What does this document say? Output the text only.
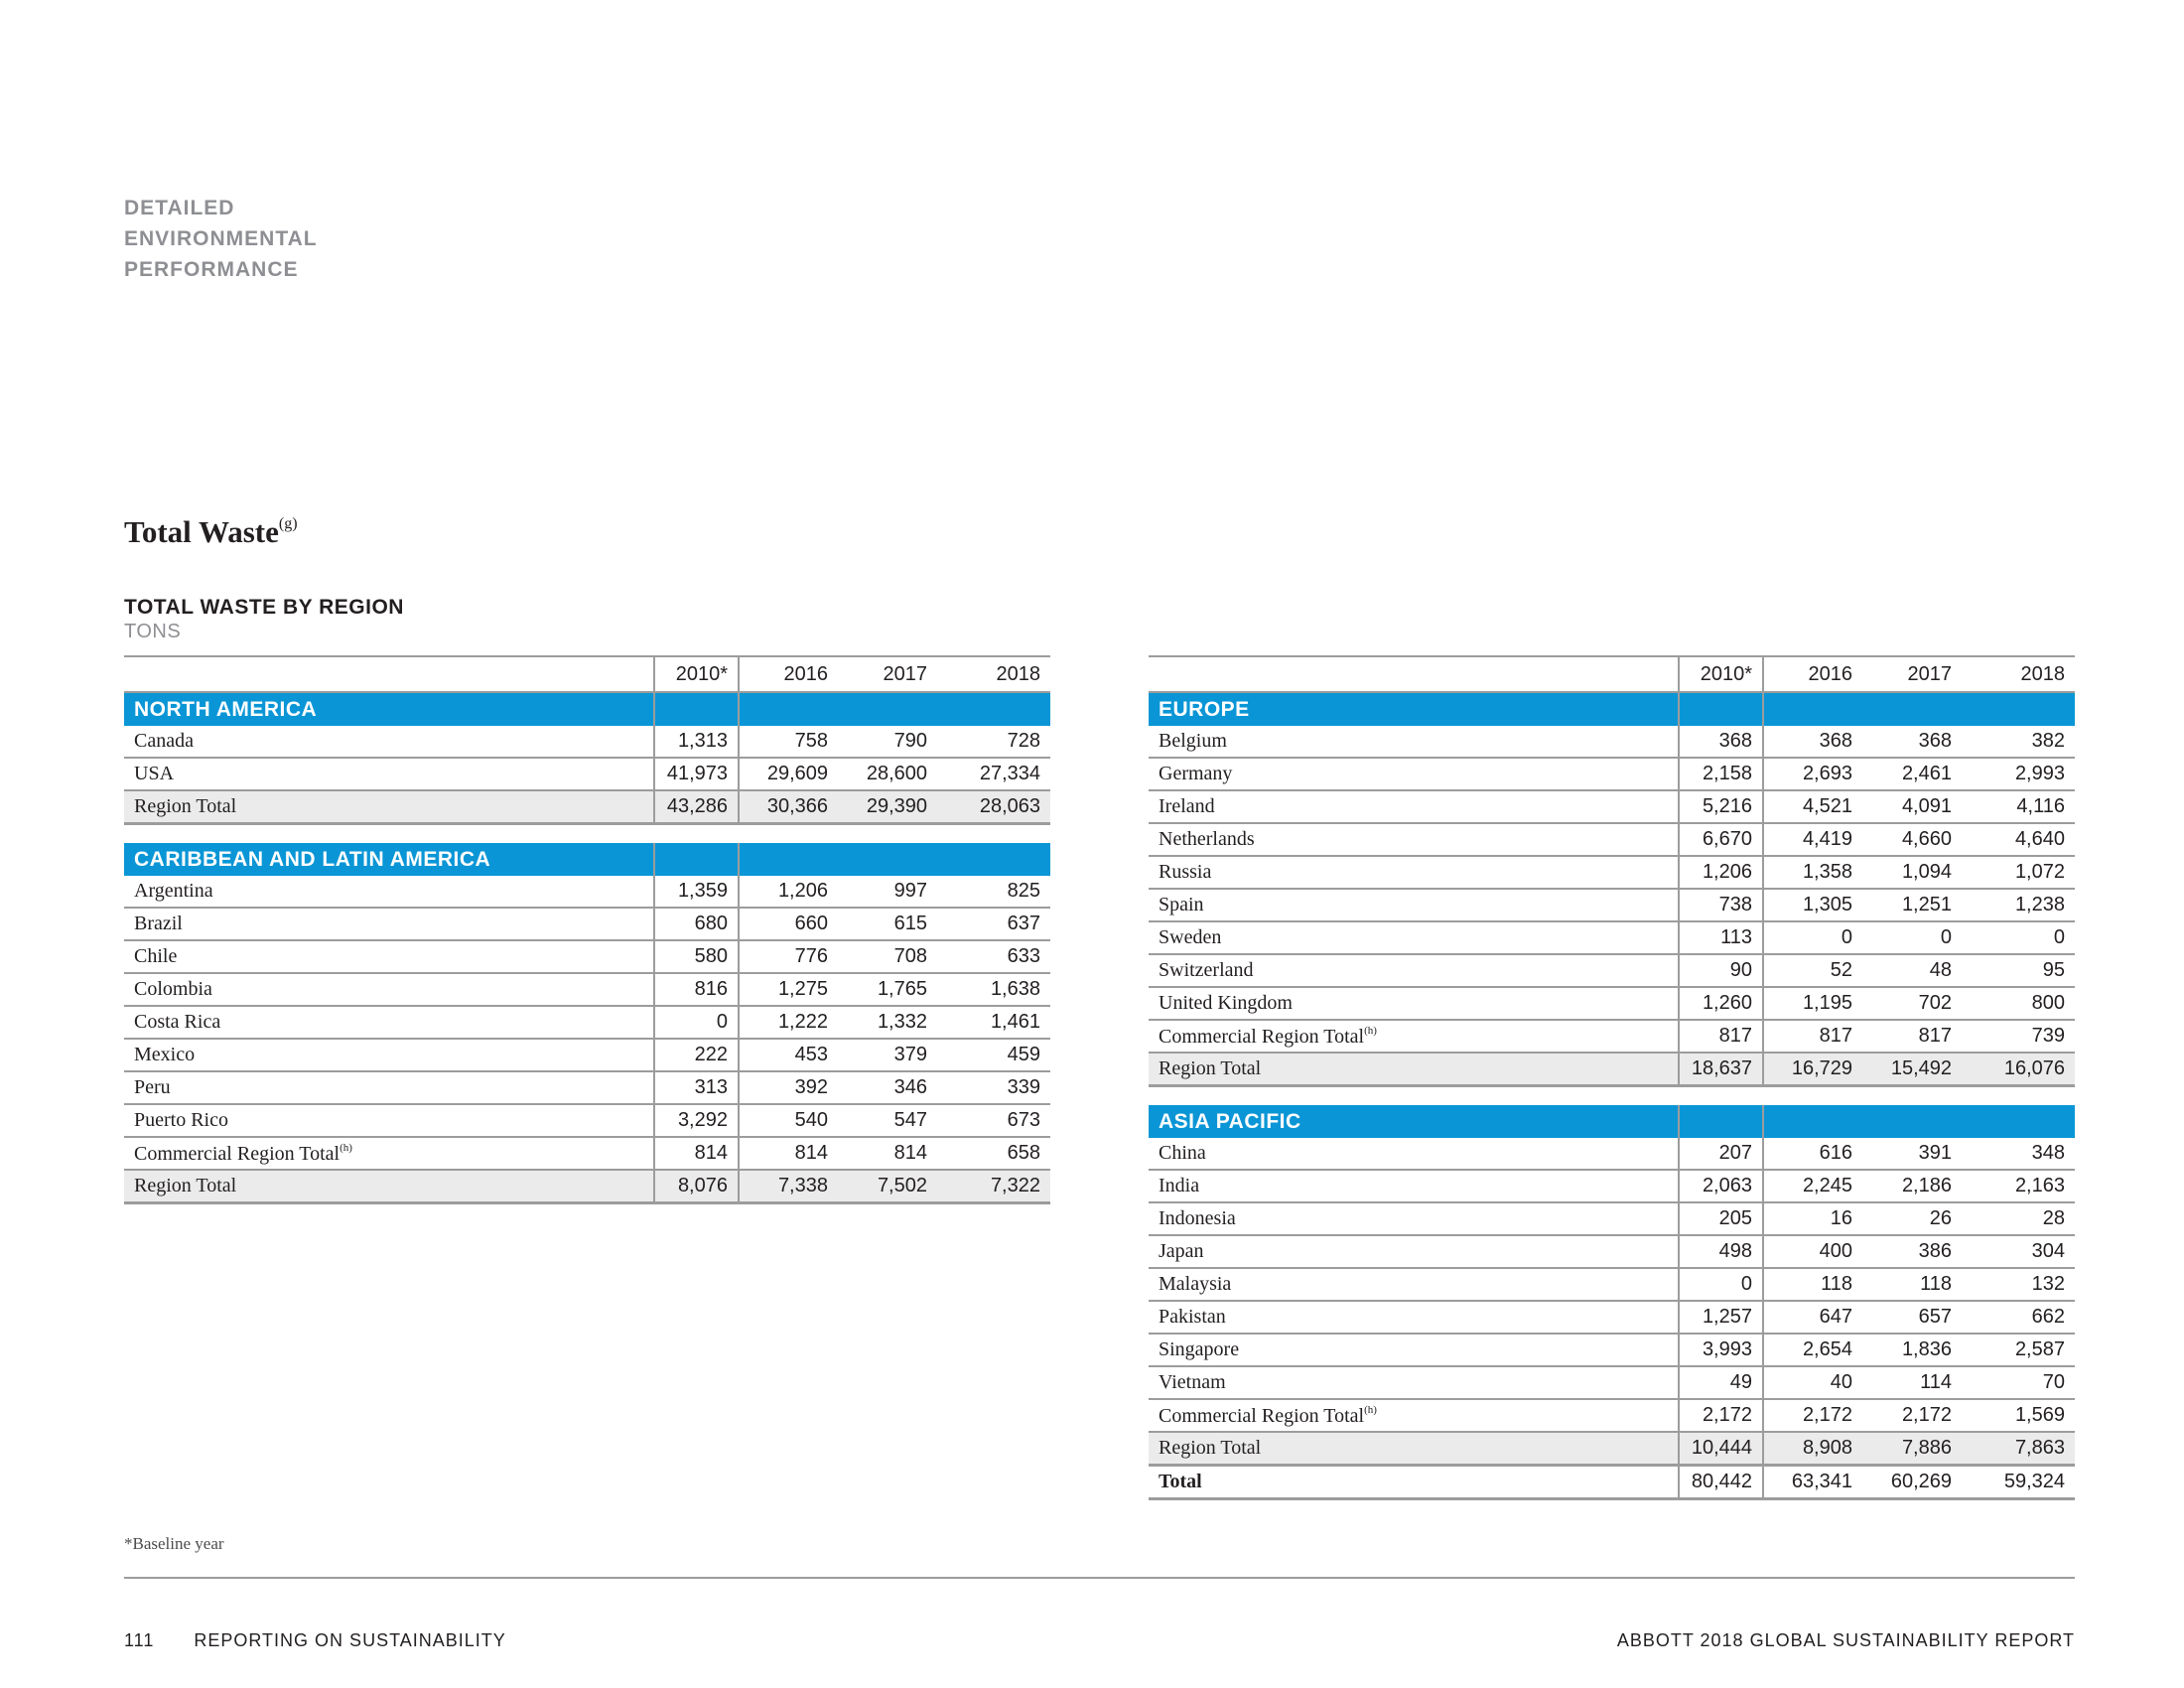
DETAILED
ENVIRONMENTAL
PERFORMANCE
Total Waste$^{(g)}$
TOTAL WASTE BY REGION
TONS
	2010*	2016	2017	2018
NORTH AMERICA				
Canada	1,313	758	790	728
USA	41,973	29,609	28,600	27,334
Region Total	43,286	30,366	29,390	28,063

CARIBBEAN AND LATIN AMERICA				
Argentina	1,359	1,206	997	825
Brazil	680	660	615	637
Chile	580	776	708	633
Colombia	816	1,275	1,765	1,638
Costa Rica	0	1,222	1,332	1,461
Mexico	222	453	379	459
Peru	313	392	346	339
Puerto Rico	3,292	540	547	673
Commercial Region Total$^{(h)}$	814	814	814	658
Region Total	8,076	7,338	7,502	7,322
	2010*	2016	2017	2018
EUROPE				
Belgium	368	368	368	382
Germany	2,158	2,693	2,461	2,993
Ireland	5,216	4,521	4,091	4,116
Netherlands	6,670	4,419	4,660	4,640
Russia	1,206	1,358	1,094	1,072
Spain	738	1,305	1,251	1,238
Sweden	113	0	0	0
Switzerland	90	52	48	95
United Kingdom	1,260	1,195	702	800
Commercial Region Total$^{(h)}$	817	817	817	739
Region Total	18,637	16,729	15,492	16,076

ASIA PACIFIC				
China	207	616	391	348
India	2,063	2,245	2,186	2,163
Indonesia	205	16	26	28
Japan	498	400	386	304
Malaysia	0	118	118	132
Pakistan	1,257	647	657	662
Singapore	3,993	2,654	1,836	2,587
Vietnam	49	40	114	70
Commercial Region Total$^{(h)}$	2,172	2,172	2,172	1,569
Region Total	10,444	8,908	7,886	7,863
Total	80,442	63,341	60,269	59,324
*Baseline year
111 REPORTING ON SUSTAINABILITY	ABBOTT 2018 GLOBAL SUSTAINABILITY REPORT
